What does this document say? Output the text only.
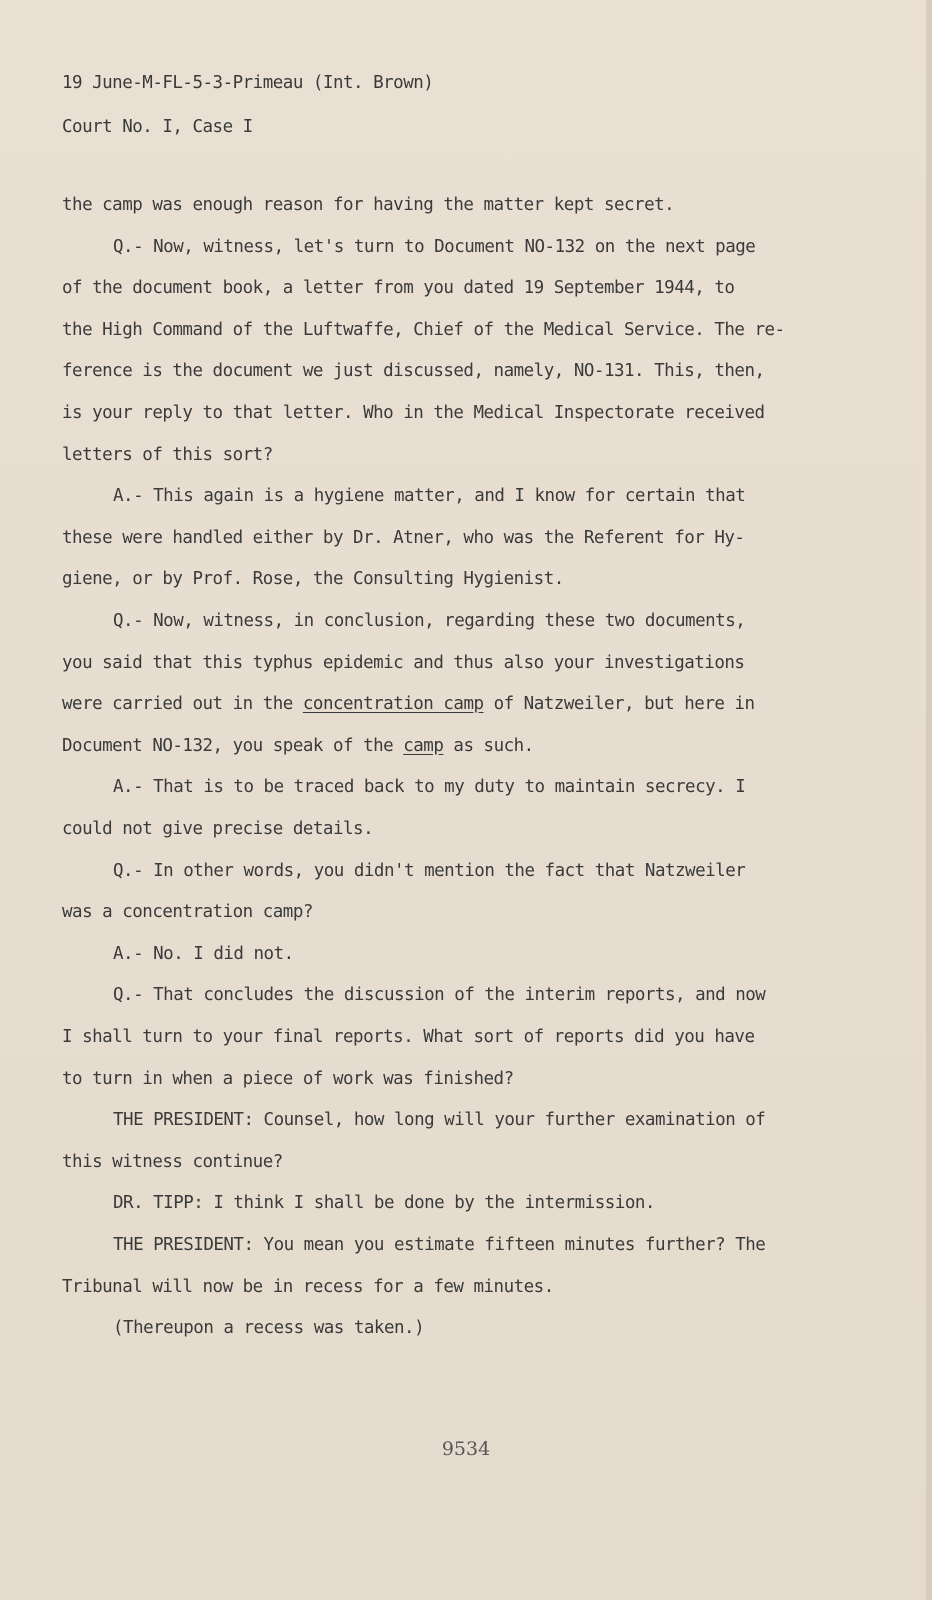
19 June-M-FL-5-3-Primeau (Int. Brown)
Court No. I, Case I
the camp was enough reason for having the matter kept secret.
Q.- Now, witness, let's turn to Document NO-132 on the next page
of the document book, a letter from you dated 19 September 1944, to
the High Command of the Luftwaffe, Chief of the Medical Service. The re-
ference is the document we just discussed, namely, NO-131. This, then,
is your reply to that letter. Who in the Medical Inspectorate received
letters of this sort?
A.- This again is a hygiene matter, and I know for certain that
these were handled either by Dr. Atner, who was the Referent for Hy-
giene, or by Prof. Rose, the Consulting Hygienist.
Q.- Now, witness, in conclusion, regarding these two documents,
you said that this typhus epidemic and thus also your investigations
were carried out in the concentration camp of Natzweiler, but here in
Document NO-132, you speak of the camp as such.
A.- That is to be traced back to my duty to maintain secrecy. I
could not give precise details.
Q.- In other words, you didn't mention the fact that Natzweiler
was a concentration camp?
A.- No. I did not.
Q.- That concludes the discussion of the interim reports, and now
I shall turn to your final reports. What sort of reports did you have
to turn in when a piece of work was finished?
THE PRESIDENT: Counsel, how long will your further examination of
this witness continue?
DR. TIPP: I think I shall be done by the intermission.
THE PRESIDENT: You mean you estimate fifteen minutes further? The
Tribunal will now be in recess for a few minutes.
(Thereupon a recess was taken.)
9534
